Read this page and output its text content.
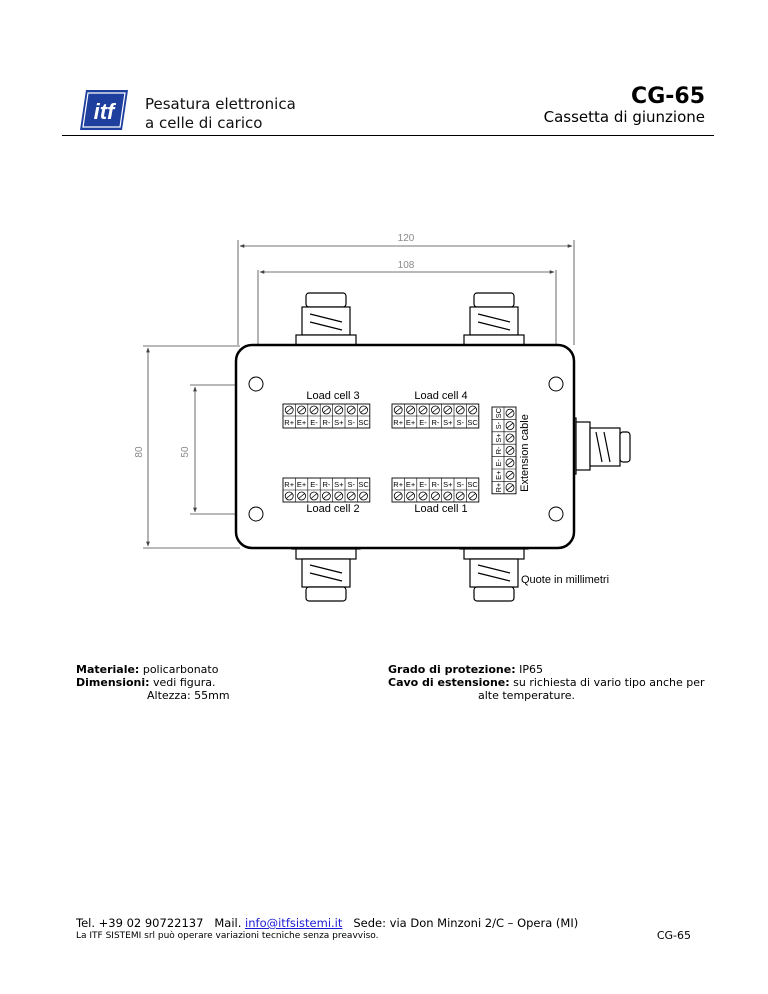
itf Pesatura elettronica
a celle di carico
CG-65
Cassetta di giunzione
120
108
80	50
R+ E+ E- R- S+ S- SC	R+ E+ E- R- S+ S- SC
R+ E+ E- R- S+ S- SC	R+ E+ E- R- S+ S- SC R+
E+
E-
R-
S+
S-
SC
Load cell 3	Load cell 4
Load cell 2	Load cell 1
Extension cable
Quote in millimetri
Materiale: policarbonato
Dimensioni: vedi figura.
Altezza: 55mm
Grado di protezione: IP65
Cavo di estensione: su richiesta di vario tipo anche per
alte temperature.
Tel. +39 02 90722137 Mail. info@itfsistemi.it Sede: via Don Minzoni 2/C – Opera (MI)
La ITF SISTEMI srl può operare variazioni tecniche senza preavviso.	CG-65
